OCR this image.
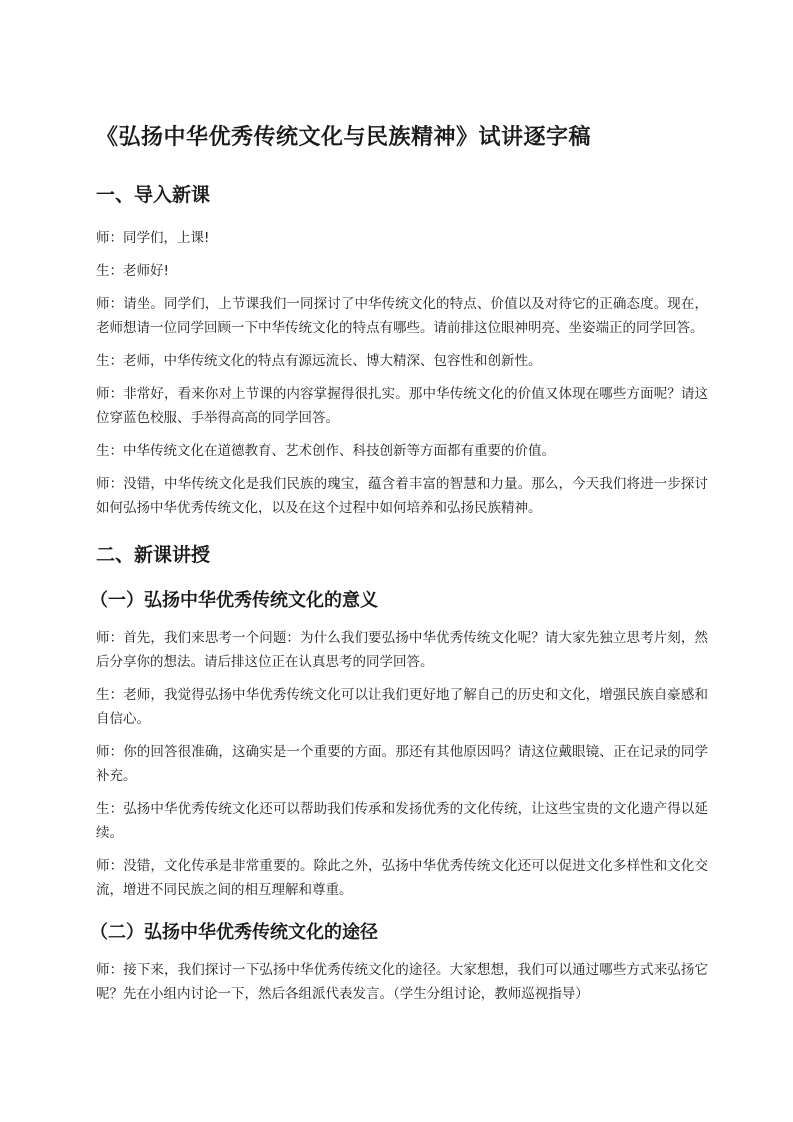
《弘扬中华优秀传统文化与民族精神》试讲逐字稿
一、导入新课

师：同学们，上课!

生：老师好!

师：请坐。同学们，上节课我们一同探讨了中华传统文化的特点、价值以及对待它的正确态度。现在，老师想请一位同学回顾一下中华传统文化的特点有哪些。请前排这位眼神明亮、坐姿端正的同学回答。

生：老师，中华传统文化的特点有源远流长、博大精深、包容性和创新性。

师：非常好，看来你对上节课的内容掌握得很扎实。那中华传统文化的价值又体现在哪些方面呢？请这位穿蓝色校服、手举得高高的同学回答。

生：中华传统文化在道德教育、艺术创作、科技创新等方面都有重要的价值。

师：没错，中华传统文化是我们民族的瑰宝，蕴含着丰富的智慧和力量。那么，今天我们将进一步探讨如何弘扬中华优秀传统文化，以及在这个过程中如何培养和弘扬民族精神。

二、新课讲授
（一）弘扬中华优秀传统文化的意义

师：首先，我们来思考一个问题：为什么我们要弘扬中华优秀传统文化呢？请大家先独立思考片刻，然后分享你的想法。请后排这位正在认真思考的同学回答。

生：老师，我觉得弘扬中华优秀传统文化可以让我们更好地了解自己的历史和文化，增强民族自豪感和自信心。

师：你的回答很准确，这确实是一个重要的方面。那还有其他原因吗？请这位戴眼镜、正在记录的同学补充。

生：弘扬中华优秀传统文化还可以帮助我们传承和发扬优秀的文化传统，让这些宝贵的文化遗产得以延续。

师：没错，文化传承是非常重要的。除此之外，弘扬中华优秀传统文化还可以促进文化多样性和文化交流，增进不同民族之间的相互理解和尊重。

（二）弘扬中华优秀传统文化的途径

师：接下来，我们探讨一下弘扬中华优秀传统文化的途径。大家想想，我们可以通过哪些方式来弘扬它呢？先在小组内讨论一下，然后各组派代表发言。（学生分组讨论，教师巡视指导）
